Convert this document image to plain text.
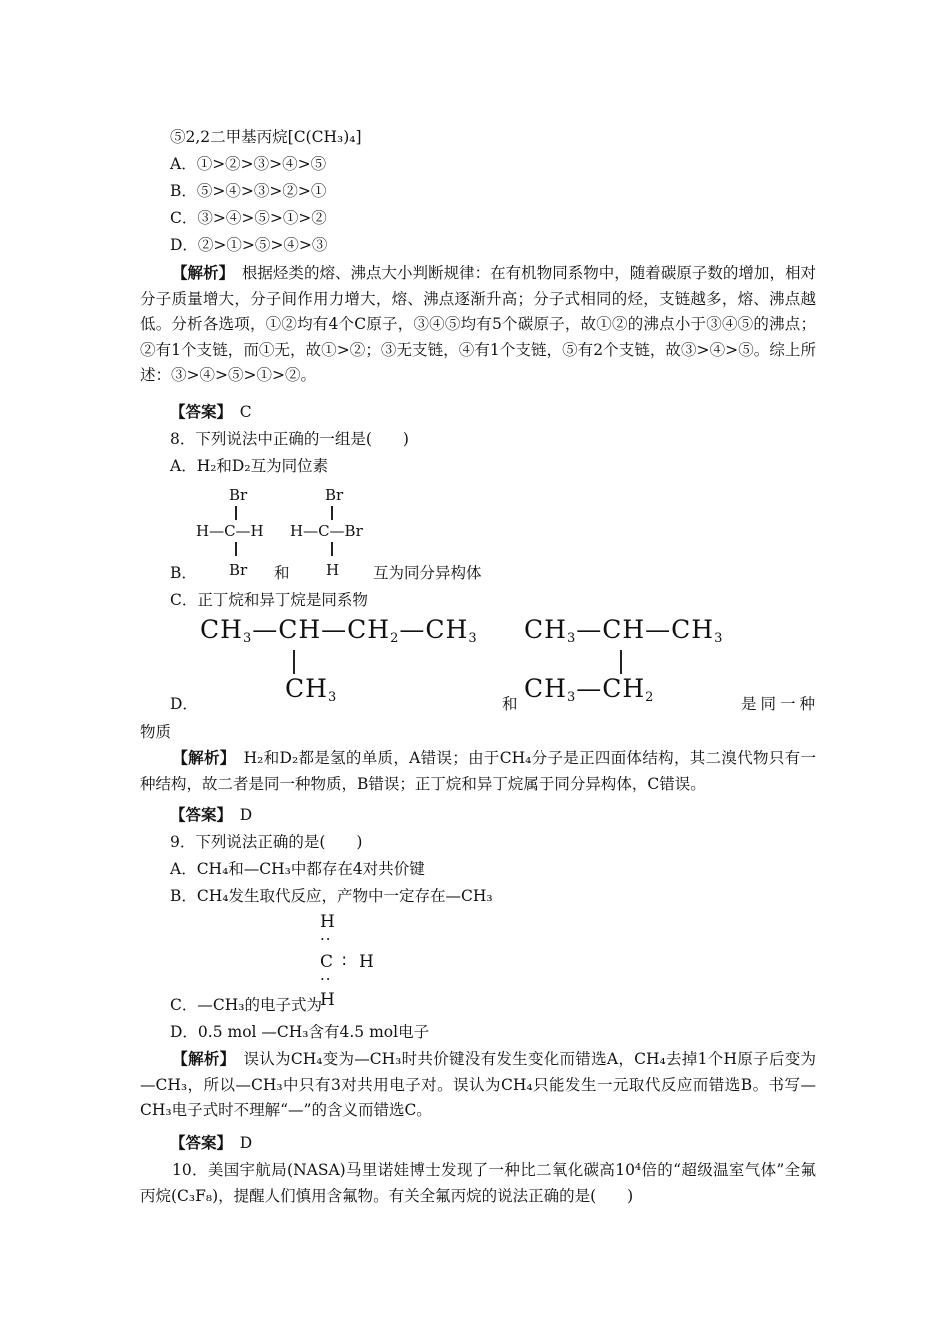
⑤2,2二甲基丙烷[C(CH₃)₄]
A．①>②>③>④>⑤
B．⑤>④>③>②>①
C．③>④>⑤>①>②
D．②>①>⑤>④>③
【解析】　 根据烃类的熔、沸点大小判断规律：在有机物同系物中，随着碳原子数的增加，相对分子质量增大，分子间作用力增大，熔、沸点逐渐升高；分子式相同的烃，支链越多，熔、沸点越低。分析各选项，①②均有4个C原子，③④⑤均有5个碳原子，故①②的沸点小于③④⑤的沸点；②有1个支链，而①无，故①>②；③无支链，④有1个支链，⑤有2个支链，故③>④>⑤。综上所述：③>④>⑤>①>②。
【答案】　 C
8．下列说法中正确的一组是(　　)
A．H₂和D₂互为同位素
Br
H—C—H
Br
Br
H—C—Br
H
B．	和	互为同分异构体
C．正丁烷和异丁烷是同系物
$CH_3—CH—CH_2—CH_3$
$CH_3$
$CH_3—CH—CH_3$
$CH_3—CH_2$
D．	和	是同一种
物质
【解析】　 H₂和D₂都是氢的单质，A错误；由于CH₄分子是正四面体结构，其二溴代物只有一种结构，故二者是同一种物质，B错误；正丁烷和异丁烷属于同分异构体，C错误。
【答案】　 D
9．下列说法正确的是(　　)
A．CH₄和—CH₃中都存在4对共价键
B．CH₄发生取代反应，产物中一定存在—CH₃
H
··
C ∶ H
··
H
C．—CH₃的电子式为
D．0.5 mol —CH₃含有4.5 mol电子
【解析】　 误认为CH₄变为—CH₃时共价键没有发生变化而错选A，CH₄去掉1个H原子后变为—CH₃，所以—CH₃中只有3对共用电子对。误认为CH₄只能发生一元取代反应而错选B。书写—CH₃电子式时不理解“—”的含义而错选C。
【答案】　 D
10．美国宇航局(NASA)马里诺娃博士发现了一种比二氧化碳高10⁴倍的“超级温室气体”全氟丙烷(C₃F₈)，提醒人们慎用含氟物。有关全氟丙烷的说法正确的是(　　)
